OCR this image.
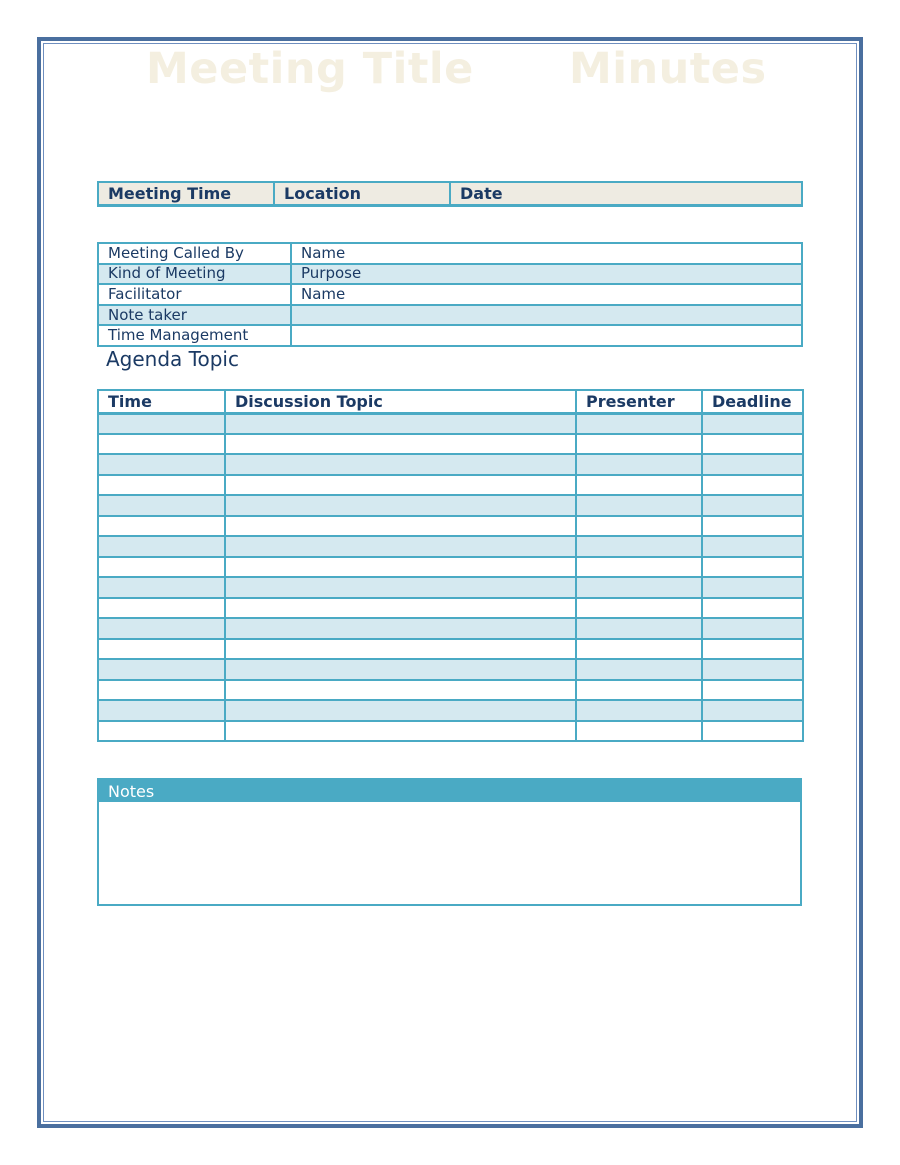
Meeting Title Minutes
Meeting Time	Location	Date
Meeting Called By	Name
Kind of Meeting	Purpose
Facilitator	Name
Note taker	
Time Management	
Agenda Topic
Time	Discussion Topic	Presenter	Deadline

Notes
